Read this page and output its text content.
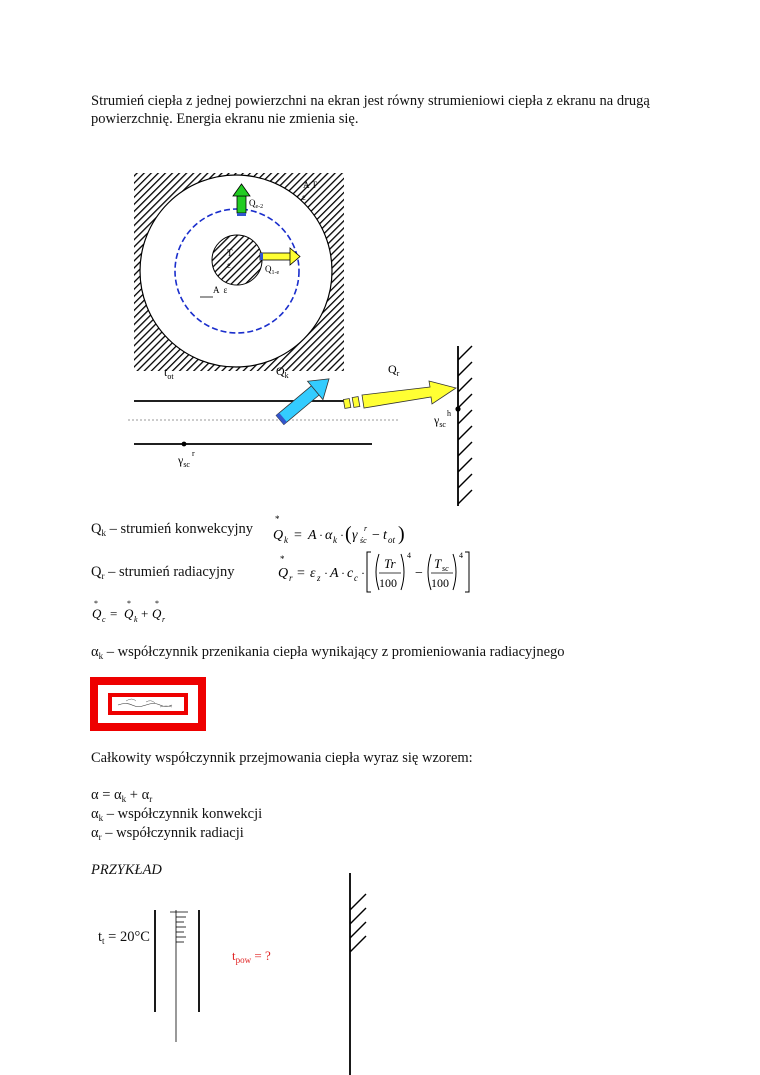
Strumień ciepła z jednej powierzchni na ekran jest równy strumieniowi ciepła z ekranu na drugą powierzchnię. Energia ekranu nie zmienia się.
A T
ε
$Q_{e-2}$
T
ε	$Q_{1-e}$
A ε
$t_{ot}$	$Q_k$	$Q_r$
$\gamma_{sc}^r$
$\gamma_{sc}^h$
$Q_k$ – strumień konwekcyjny
*
Q k = A · α k · ( γ śc
r − t ot )
$Q_r$ – strumień radiacyjny
*
Q r = ε z · A · c c ·
Tr
100
4
−
T sc
100
4
*
Q c =
*
Q k +
*
Q r
$\alpha_k$ – współczynnik przenikania ciepła wynikający z promieniowania radiacyjnego
Całkowity współczynnik przejmowania ciepła wyraz się wzorem:
$\alpha = \alpha_k + \alpha_r$
$\alpha_k$ – współczynnik konwekcji
$\alpha_r$ – współczynnik radiacji
PRZYKŁAD
$t_t = 20^\circ C$
$t_{pow}$ = ?
